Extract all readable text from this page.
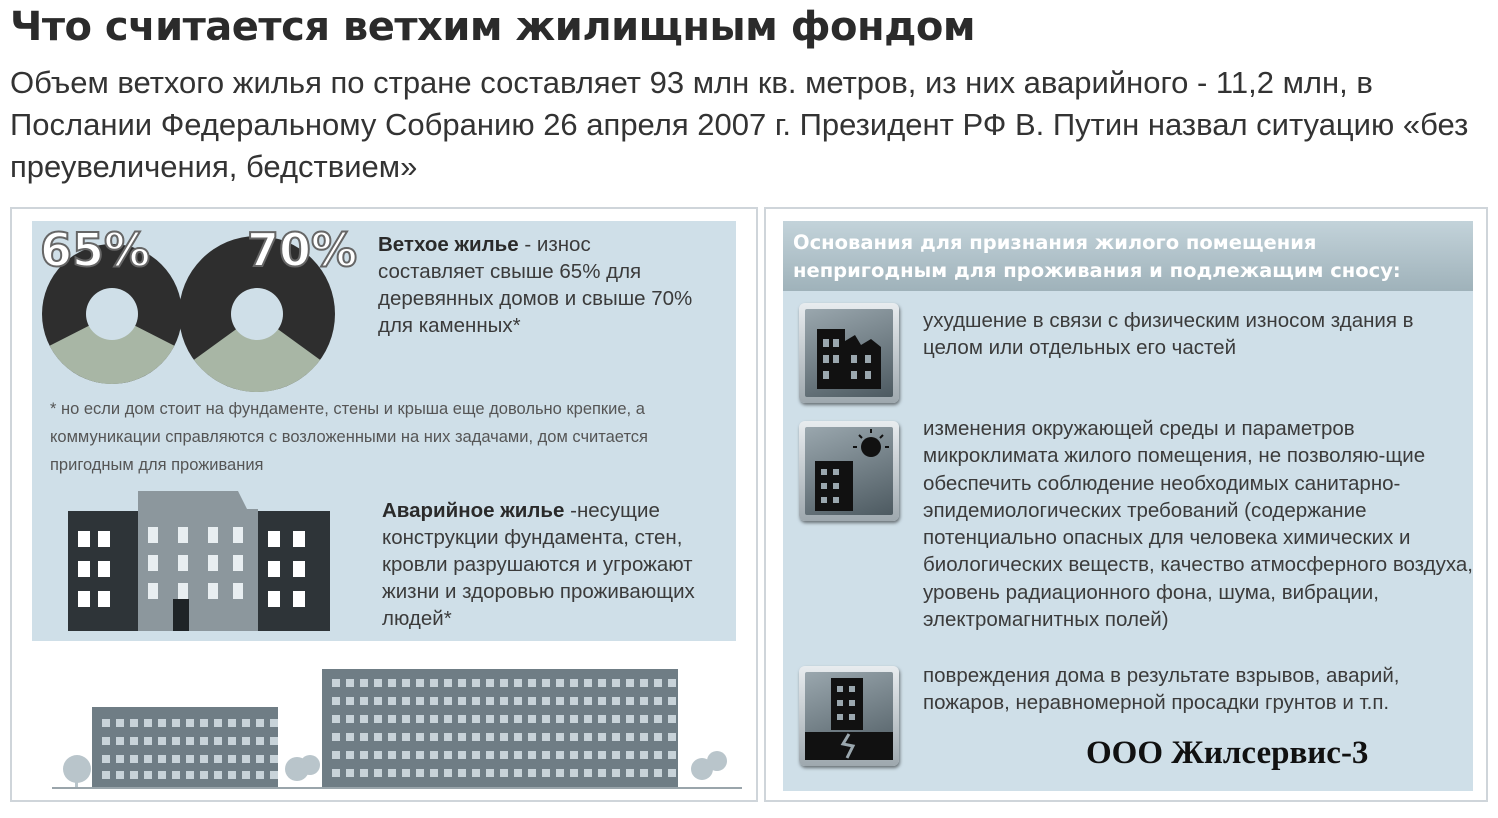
Что считается ветхим жилищным фондом
Объем ветхого жилья по стране составляет 93 млн кв. метров, из них аварийного - 11,2 млн, в Послании Федеральному Собранию 26 апреля 2007 г. Президент РФ В. Путин назвал ситуацию «без преувеличения, бедствием»
65% 70% Ветхое жилье - износ составляет свыше 65% для деревянных домов и свыше 70% для каменных*
* но если дом стоит на фундаменте, стены и крыша еще довольно крепкие, а коммуникации справляются с возложенными на них задачами, дом считается пригодным для проживания
Аварийное жилье -несущие конструкции фундамента, стен, кровли разрушаются и угрожают жизни и здоровью проживающих людей*
Основания для признания жилого помещения непригодным для проживания и подлежащим сносу:
ухудшение в связи с физическим износом здания в целом или отдельных его частей
изменения окружающей среды и параметров микроклимата жилого помещения, не позволяю-щие обеспечить соблюдение необходимых санитарно-эпидемиологических требований (содержание потенциально опасных для человека химических и биологических веществ, качество атмосферного воздуха, уровень радиационного фона, шума, вибрации, электромагнитных полей)
повреждения дома в результате взрывов, аварий, пожаров, неравномерной просадки грунтов и т.п.
ООО Жилсервис-3
